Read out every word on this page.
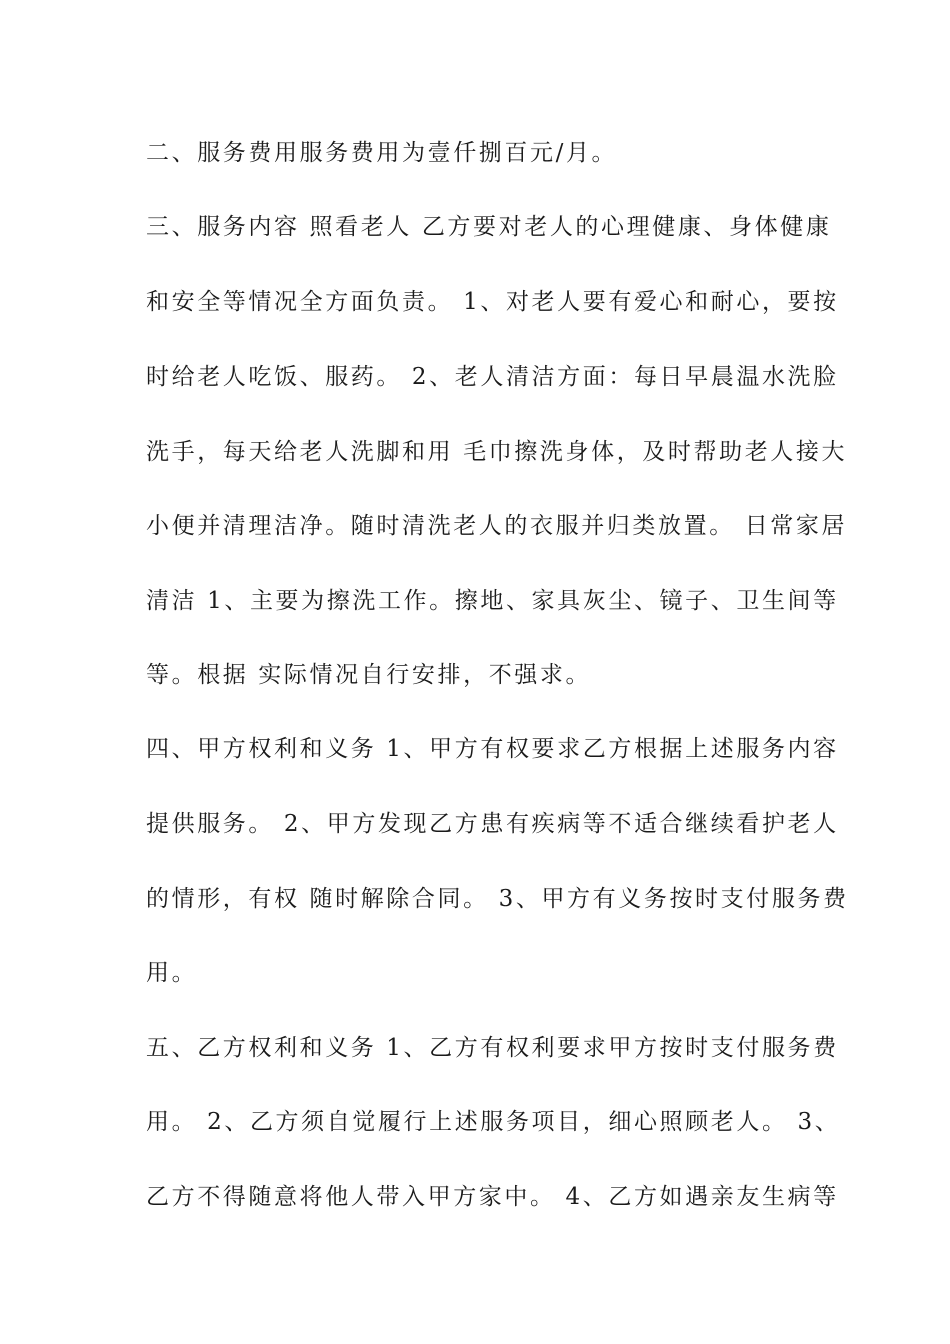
二、服务费用服务费用为壹仟捌百元/月。
三、服务内容 照看老人 乙方要对老人的心理健康、身体健康
和安全等情况全方面负责。 1、对老人要有爱心和耐心，要按
时给老人吃饭、服药。 2、老人清洁方面：每日早晨温水洗脸
洗手，每天给老人洗脚和用 毛巾擦洗身体，及时帮助老人接大
小便并清理洁净。随时清洗老人的衣服并归类放置。 日常家居
清洁 1、主要为擦洗工作。擦地、家具灰尘、镜子、卫生间等
等。根据 实际情况自行安排，不强求。
四、甲方权利和义务 1、甲方有权要求乙方根据上述服务内容
提供服务。 2、甲方发现乙方患有疾病等不适合继续看护老人
的情形，有权 随时解除合同。 3、甲方有义务按时支付服务费
用。
五、乙方权利和义务 1、乙方有权利要求甲方按时支付服务费
用。 2、乙方须自觉履行上述服务项目，细心照顾老人。 3、
乙方不得随意将他人带入甲方家中。 4、乙方如遇亲友生病等
